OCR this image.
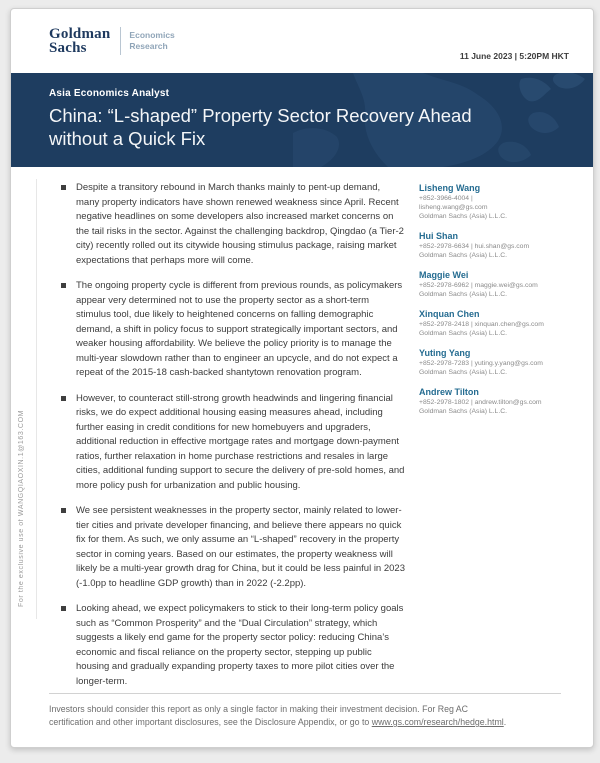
Goldman
Sachs
Economics
Research
11 June 2023 | 5:20PM HKT
Asia Economics Analyst
China: “L-shaped” Property Sector Recovery Ahead without a Quick Fix
For the exclusive use of WANGQIAOXIN.1@163.COM
Despite a transitory rebound in March thanks mainly to pent-up demand, many property indicators have shown renewed weakness since April. Recent negative headlines on some developers also increased market concerns on the tail risks in the sector. Against the challenging backdrop, Qingdao (a Tier-2 city) recently rolled out its citywide housing stimulus package, raising market expectations that perhaps more will come.
The ongoing property cycle is different from previous rounds, as policymakers appear very determined not to use the property sector as a short-term stimulus tool, due likely to heightened concerns on falling demographic demand, a shift in policy focus to support strategically important sectors, and weaker housing affordability. We believe the policy priority is to manage the multi-year slowdown rather than to engineer an upcycle, and do not expect a repeat of the 2015-18 cash-backed shantytown renovation program.
However, to counteract still-strong growth headwinds and lingering financial risks, we do expect additional housing easing measures ahead, including further easing in credit conditions for new homebuyers and upgraders, additional reduction in effective mortgage rates and mortgage down-payment ratios, further relaxation in home purchase restrictions and resales in large cities, additional funding support to secure the delivery of pre-sold homes, and more policy push for urbanization and public housing.
We see persistent weaknesses in the property sector, mainly related to lower-tier cities and private developer financing, and believe there appears no quick fix for them. As such, we only assume an “L-shaped” recovery in the property sector in coming years. Based on our estimates, the property weakness will likely be a multi-year growth drag for China, but it could be less painful in 2023 (-1.0pp to headline GDP growth) than in 2022 (-2.2pp).
Looking ahead, we expect policymakers to stick to their long-term policy goals such as “Common Prosperity” and the “Dual Circulation” strategy, which suggests a likely end game for the property sector policy: reducing China’s economic and fiscal reliance on the property sector, stepping up public housing and gradually expanding property taxes to more pilot cities over the longer-term.
Lisheng Wang
+852-3966-4004 |
lisheng.wang@gs.com
Goldman Sachs (Asia) L.L.C.
Hui Shan
+852-2978-6634 | hui.shan@gs.com
Goldman Sachs (Asia) L.L.C.
Maggie Wei
+852-2978-6962 | maggie.wei@gs.com
Goldman Sachs (Asia) L.L.C.
Xinquan Chen
+852-2978-2418 | xinquan.chen@gs.com
Goldman Sachs (Asia) L.L.C.
Yuting Yang
+852-2978-7283 | yuting.y.yang@gs.com
Goldman Sachs (Asia) L.L.C.
Andrew Tilton
+852-2978-1802 | andrew.tilton@gs.com
Goldman Sachs (Asia) L.L.C.
Investors should consider this report as only a single factor in making their investment decision. For Reg AC certification and other important disclosures, see the Disclosure Appendix, or go to www.gs.com/research/hedge.html.
